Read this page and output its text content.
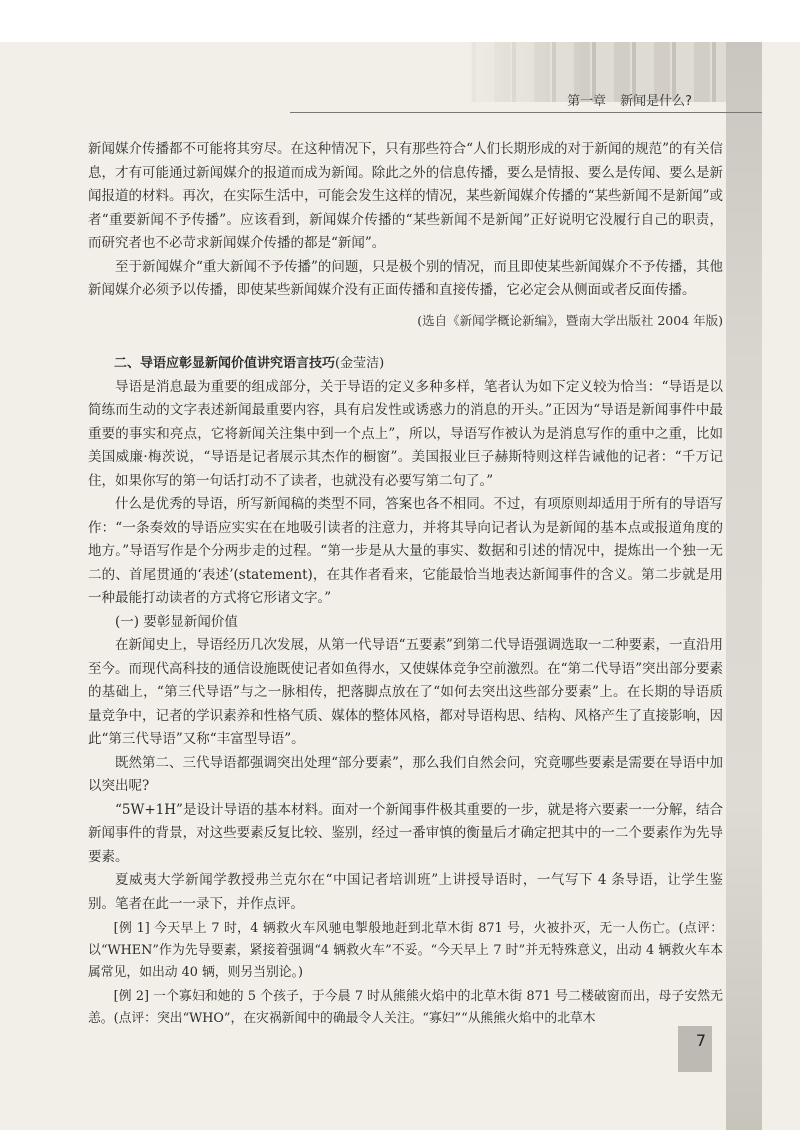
第一章 新闻是什么?

新闻媒介传播都不可能将其穷尽。在这种情况下，只有那些符合“人们长期形成的对于新闻的规范”的有关信息，才有可能通过新闻媒介的报道而成为新闻。除此之外的信息传播，要么是情报、要么是传闻、要么是新闻报道的材料。再次，在实际生活中，可能会发生这样的情况，某些新闻媒介传播的“某些新闻不是新闻”或者“重要新闻不予传播”。应该看到，新闻媒介传播的“某些新闻不是新闻”正好说明它没履行自己的职责，而研究者也不必苛求新闻媒介传播的都是“新闻”。

至于新闻媒介“重大新闻不予传播”的问题，只是极个别的情况，而且即使某些新闻媒介不予传播，其他新闻媒介必须予以传播，即使某些新闻媒介没有正面传播和直接传播，它必定会从侧面或者反面传播。

(选自《新闻学概论新编》，暨南大学出版社 2004 年版)

二、导语应彰显新闻价值讲究语言技巧(金莹洁)

导语是消息最为重要的组成部分，关于导语的定义多种多样，笔者认为如下定义较为恰当：“导语是以简练而生动的文字表述新闻最重要内容，具有启发性或诱惑力的消息的开头。”正因为“导语是新闻事件中最重要的事实和亮点，它将新闻关注集中到一个点上”，所以，导语写作被认为是消息写作的重中之重，比如美国威廉·梅茨说，“导语是记者展示其杰作的橱窗”。美国报业巨子赫斯特则这样告诫他的记者：“千万记住，如果你写的第一句话打动不了读者，也就没有必要写第二句了。”

什么是优秀的导语，所写新闻稿的类型不同，答案也各不相同。不过，有项原则却适用于所有的导语写作：“一条奏效的导语应实实在在地吸引读者的注意力，并将其导向记者认为是新闻的基本点或报道角度的地方。”导语写作是个分两步走的过程。“第一步是从大量的事实、数据和引述的情况中，提炼出一个独一无二的、首尾贯通的‘表述’(statement)，在其作者看来，它能最恰当地表达新闻事件的含义。第二步就是用一种最能打动读者的方式将它形诸文字。”

(一) 要彰显新闻价值

在新闻史上，导语经历几次发展，从第一代导语“五要素”到第二代导语强调选取一二种要素，一直沿用至今。而现代高科技的通信设施既使记者如鱼得水，又使媒体竞争空前激烈。在“第二代导语”突出部分要素的基础上，“第三代导语”与之一脉相传，把落脚点放在了“如何去突出这些部分要素”上。在长期的导语质量竞争中，记者的学识素养和性格气质、媒体的整体风格，都对导语构思、结构、风格产生了直接影响，因此“第三代导语”又称“丰富型导语”。

既然第二、三代导语都强调突出处理“部分要素”，那么我们自然会问，究竟哪些要素是需要在导语中加以突出呢?

“5W+1H”是设计导语的基本材料。面对一个新闻事件极其重要的一步，就是将六要素一一分解，结合新闻事件的背景，对这些要素反复比较、鉴别，经过一番审慎的衡量后才确定把其中的一二个要素作为先导要素。

夏威夷大学新闻学教授弗兰克尔在“中国记者培训班”上讲授导语时，一气写下 4 条导语，让学生鉴别。笔者在此一一录下，并作点评。

[例 1] 今天早上 7 时，4 辆救火车风驰电掣般地赶到北草木街 871 号，火被扑灭，无一人伤亡。(点评：以“WHEN”作为先导要素，紧接着强调“4 辆救火车”不妥。“今天早上 7 时”并无特殊意义，出动 4 辆救火车本属常见，如出动 40 辆，则另当别论。)

[例 2] 一个寡妇和她的 5 个孩子，于今晨 7 时从熊熊火焰中的北草木街 871 号二楼破窗而出，母子安然无恙。(点评：突出“WHO”，在灾祸新闻中的确最令人关注。“寡妇”“从熊熊火焰中的北草木

7
